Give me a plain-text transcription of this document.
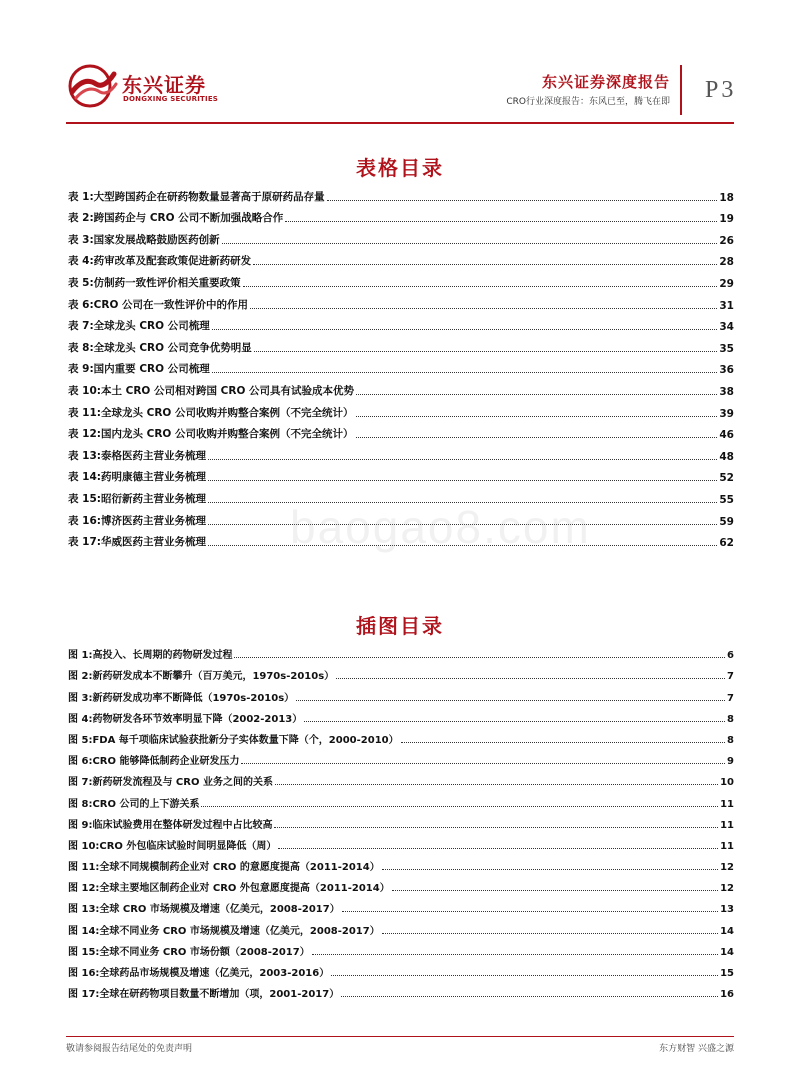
东兴证券
DONGXING SECURITIES
东兴证券深度报告
CRO行业深度报告：东风已至，腾飞在即 P3
表格目录
表 1:大型跨国药企在研药物数量显著高于原研药品存量	18
表 2:跨国药企与 CRO 公司不断加强战略合作	19
表 3:国家发展战略鼓励医药创新	26
表 4:药审改革及配套政策促进新药研发	28
表 5:仿制药一致性评价相关重要政策	29
表 6:CRO 公司在一致性评价中的作用	31
表 7:全球龙头 CRO 公司梳理	34
表 8:全球龙头 CRO 公司竞争优势明显	35
表 9:国内重要 CRO 公司梳理	36
表 10:本土 CRO 公司相对跨国 CRO 公司具有试验成本优势	38
表 11:全球龙头 CRO 公司收购并购整合案例（不完全统计）	39
表 12:国内龙头 CRO 公司收购并购整合案例（不完全统计）	46
表 13:泰格医药主营业务梳理	48
表 14:药明康德主营业务梳理	52
表 15:昭衍新药主营业务梳理	55
表 16:博济医药主营业务梳理	59
表 17:华威医药主营业务梳理	62
baogao8.com
插图目录
图 1:高投入、长周期的药物研发过程	6
图 2:新药研发成本不断攀升（百万美元，1970s-2010s）	7
图 3:新药研发成功率不断降低（1970s-2010s）	7
图 4:药物研发各环节效率明显下降（2002-2013）	8
图 5:FDA 每千项临床试验获批新分子实体数量下降（个，2000-2010）	8
图 6:CRO 能够降低制药企业研发压力	9
图 7:新药研发流程及与 CRO 业务之间的关系	10
图 8:CRO 公司的上下游关系	11
图 9:临床试验费用在整体研发过程中占比较高	11
图 10:CRO 外包临床试验时间明显降低（周）	11
图 11:全球不同规模制药企业对 CRO 的意愿度提高（2011-2014）	12
图 12:全球主要地区制药企业对 CRO 外包意愿度提高（2011-2014）	12
图 13:全球 CRO 市场规模及增速（亿美元，2008-2017）	13
图 14:全球不同业务 CRO 市场规模及增速（亿美元，2008-2017）	14
图 15:全球不同业务 CRO 市场份额（2008-2017）	14
图 16:全球药品市场规模及增速（亿美元，2003-2016）	15
图 17:全球在研药物项目数量不断增加（项，2001-2017）	16
敬请参阅报告结尾处的免责声明	东方财智 兴盛之源
